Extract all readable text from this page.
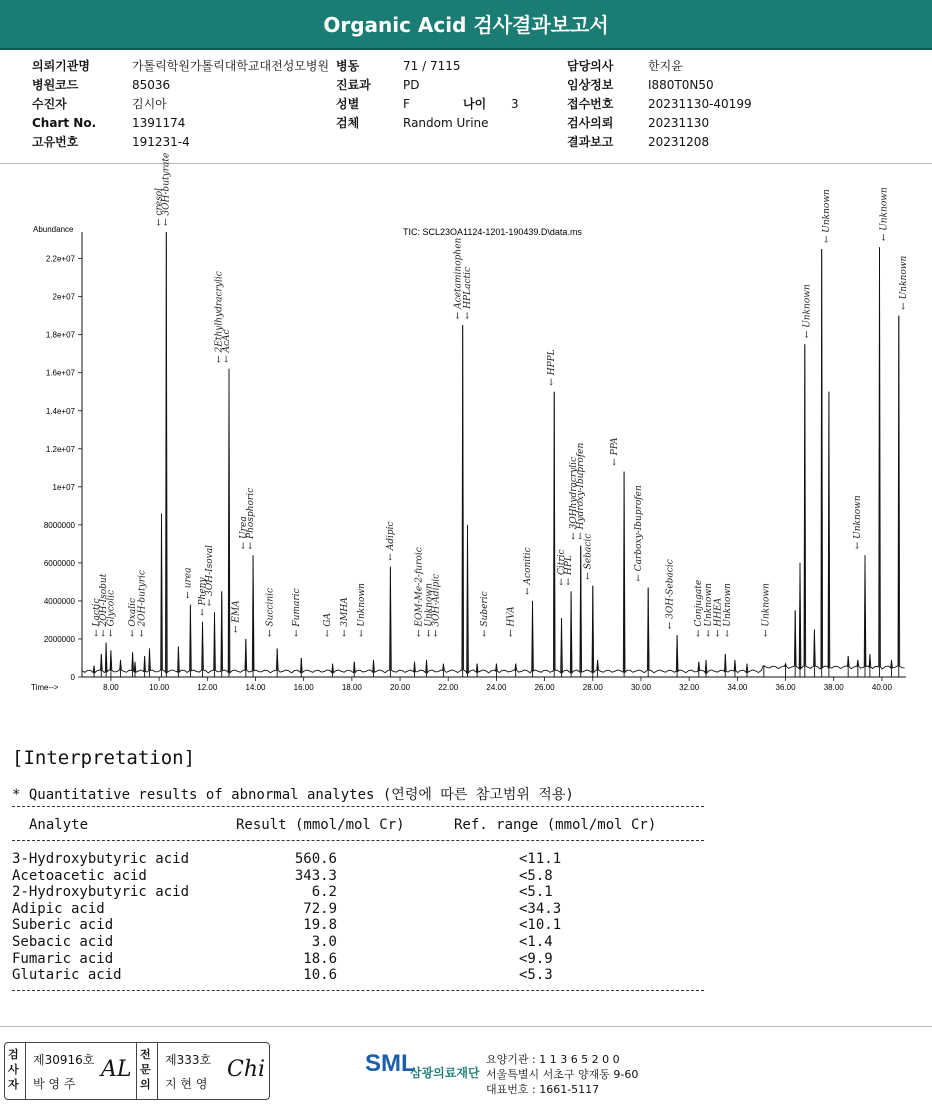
Organic Acid 검사결과보고서
의뢰기관명	가톨릭학원가톨릭대학교대전성모병원
병원코드	85036
수진자	김시아
Chart No.	1391174
고유번호	191231-4
병동	71 / 7115
진료과	PD
성별	F	나이	3
검체	Random Urine
담당의사	한지윤
임상정보	I880T0N50
접수번호	20231130-40199
검사의뢰	20231130
결과보고	20231208
0
2000000
4000000
6000000
8000000
1e+07
1.2e+07
1.4e+07
1.6e+07
1.8e+07
2e+07
2.2e+07
8.00	10.00	12.00	14.00	16.00	18.00	20.00	22.00	24.00	26.00	28.00	30.00	32.00	34.00	36.00	38.00	40.00
← Lactic
← 2OH-Isobut
← Glycolic ← Oxalic ← 2OH-butyric
← cresol
← 3OH-butyrate
← urea ← Pheny
← 3OH-Isoval
← 2Ethylhydracrylic
← AcAc
← EMA
← Urea
← Phosphoric
← Succinic ← Fumaric ← GA ← 3MHA ← Unknown
← Adipic
← EOM-Me-2-furoic ← Unknown
← 3OH-Adipic
← Acetaminophen ← HPLactic
← Suberic ← HVA
← Aconitic
← HPPL
← Citric
← HPL
← 3OHhydracrylic
← Hydroxy-Ibuprofen
← Sebacic
← PPA
← Carboxy-Ibuprofen
← 3OH-Sebacic ← Conjugate ← Unknown ← HHEA ← Unknown	← Unknown
← Unknown
← Unknown
← Unknown
← Unknown
← Unknown
TIC: SCL23OA1124-1201-190439.D\data.ms
Abundance
Time-->
[Interpretation]
* Quantitative results of abnormal analytes (연령에 따른 참고범위 적용)
Analyte	Result (mmol/mol Cr)	Ref. range (mmol/mol Cr)
3-Hydroxybutyric acid	560.6	<11.1
Acetoacetic acid	343.3	<5.8
2-Hydroxybutyric acid	6.2	<5.1
Adipic acid	72.9	<34.3
Suberic acid	19.8	<10.1
Sebacic acid	3.0	<1.4
Fumaric acid	18.6	<9.9
Glutaric acid	10.6	<5.3
검사자
제30916호
박 영 주
AL
전문의
제333호
지 현 영
Chi	SML
삼광의료재단
요양기관 : 1 1 3 6 5 2 0 0
서울특별시 서초구 양재동 9-60
대표번호 : 1661-5117
